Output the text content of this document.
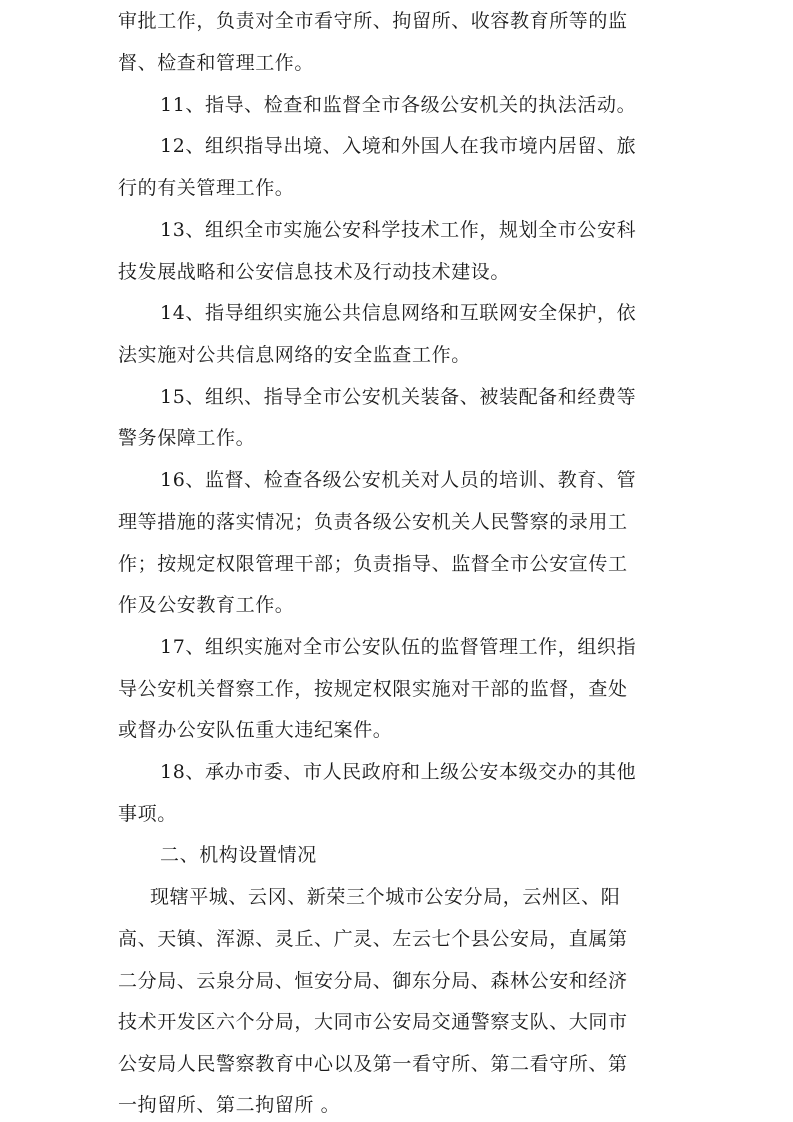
审批工作，负责对全市看守所、拘留所、收容教育所等的监
督、检查和管理工作。
11、指导、检查和监督全市各级公安机关的执法活动。
12、组织指导出境、入境和外国人在我市境内居留、旅
行的有关管理工作。
13、组织全市实施公安科学技术工作，规划全市公安科
技发展战略和公安信息技术及行动技术建设。
14、指导组织实施公共信息网络和互联网安全保护，依
法实施对公共信息网络的安全监查工作。
15、组织、指导全市公安机关装备、被装配备和经费等
警务保障工作。
16、监督、检查各级公安机关对人员的培训、教育、管
理等措施的落实情况；负责各级公安机关人民警察的录用工
作；按规定权限管理干部；负责指导、监督全市公安宣传工
作及公安教育工作。
17、组织实施对全市公安队伍的监督管理工作，组织指
导公安机关督察工作，按规定权限实施对干部的监督，查处
或督办公安队伍重大违纪案件。
18、承办市委、市人民政府和上级公安本级交办的其他
事项。
二、机构设置情况
现辖平城、云冈、新荣三个城市公安分局，云州区、阳
高、天镇、浑源、灵丘、广灵、左云七个县公安局，直属第
二分局、云泉分局、恒安分局、御东分局、森林公安和经济
技术开发区六个分局，大同市公安局交通警察支队、大同市
公安局人民警察教育中心以及第一看守所、第二看守所、第
一拘留所、第二拘留所 。
